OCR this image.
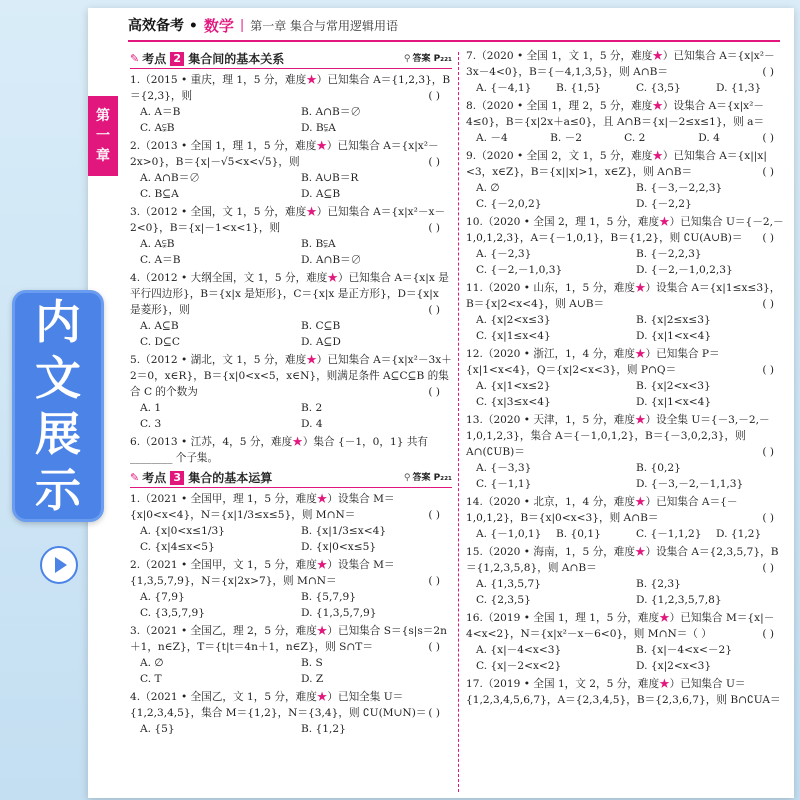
高效备考 • 数学 | 第一章 集合与常用逻辑用语
第
一
章
✎ 考点 2 集合间的基本关系	⚲ 答案 P₂₂₁
1.（2015 • 重庆，理 1，5 分，难度★）已知集合 A＝{1,2,3}，B＝{2,3}，则	( )
A. A＝B	B. A∩B＝∅
C. A⫋B	D. B⫋A
2.（2013 • 全国 1，理 1，5 分，难度★）已知集合 A＝{x|x²－2x>0}，B＝{x|－√5<x<√5}，则	( )
A. A∩B＝∅	B. A∪B＝R
C. B⊆A	D. A⊆B
3.（2012 • 全国，文 1，5 分，难度★）已知集合 A＝{x|x²－x－2<0}，B＝{x|－1<x<1}，则	( )
A. A⫋B	B. B⫋A
C. A＝B	D. A∩B＝∅
4.（2012 • 大纲全国，文 1，5 分，难度★）已知集合 A＝{x|x 是平行四边形}，B＝{x|x 是矩形}，C＝{x|x 是正方形}，D＝{x|x 是菱形}，则	( )
A. A⊆B	B. C⊆B
C. D⊆C	D. A⊆D
5.（2012 • 湖北，文 1，5 分，难度★）已知集合 A＝{x|x²－3x＋2＝0，x∈R}，B＝{x|0<x<5，x∈N}，则满足条件 A⊆C⊆B 的集合 C 的个数为	( )
A. 1	B. 2
C. 3	D. 4
6.（2013 • 江苏，4，5 分，难度★）集合 {－1，0，1} 共有 ________ 个子集。
✎ 考点 3 集合的基本运算	⚲ 答案 P₂₂₁
1.（2021 • 全国甲，理 1，5 分，难度★）设集合 M＝{x|0<x<4}，N＝{x|1/3≤x≤5}，则 M∩N＝	( )
A. {x|0<x≤1/3}	B. {x|1/3≤x<4}
C. {x|4≤x<5}	D. {x|0<x≤5}
2.（2021 • 全国甲，文 1，5 分，难度★）设集合 M＝{1,3,5,7,9}，N＝{x|2x>7}，则 M∩N＝	( )
A. {7,9}	B. {5,7,9}
C. {3,5,7,9}	D. {1,3,5,7,9}
3.（2021 • 全国乙，理 2，5 分，难度★）已知集合 S＝{s|s＝2n＋1，n∈Z}，T＝{t|t＝4n＋1，n∈Z}，则 S∩T＝	( )
A. ∅	B. S
C. T	D. Z
4.（2021 • 全国乙，文 1，5 分，难度★）已知全集 U＝{1,2,3,4,5}，集合 M＝{1,2}，N＝{3,4}，则 ∁U(M∪N)＝ ( )
A. {5}	B. {1,2}
7.（2020 • 全国 1，文 1，5 分，难度★）已知集合 A＝{x|x²－3x－4<0}，B＝{－4,1,3,5}，则 A∩B＝	( )
A. {－4,1}	B. {1,5}	C. {3,5}	D. {1,3}
8.（2020 • 全国 1，理 2，5 分，难度★）设集合 A＝{x|x²－4≤0}，B＝{x|2x＋a≤0}，且 A∩B＝{x|－2≤x≤1}，则 a＝
( )
A. －4	B. －2	C. 2	D. 4
9.（2020 • 全国 2，文 1，5 分，难度★）已知集合 A＝{x||x|<3，x∈Z}，B＝{x||x|>1，x∈Z}，则 A∩B＝	( )
A. ∅	B. {－3,－2,2,3}
C. {－2,0,2}	D. {－2,2}
10.（2020 • 全国 2，理 1，5 分，难度★）已知集合 U＝{－2,－1,0,1,2,3}，A＝{－1,0,1}，B＝{1,2}，则 ∁U(A∪B)＝ ( )
A. {－2,3}	B. {－2,2,3}
C. {－2,－1,0,3}	D. {－2,－1,0,2,3}
11.（2020 • 山东，1，5 分，难度★）设集合 A＝{x|1≤x≤3}，B＝{x|2<x<4}，则 A∪B＝	( )
A. {x|2<x≤3}	B. {x|2≤x≤3}
C. {x|1≤x<4}	D. {x|1<x<4}
12.（2020 • 浙江，1，4 分，难度★）已知集合 P＝{x|1<x<4}，Q＝{x|2<x<3}，则 P∩Q＝	( )
A. {x|1<x≤2}	B. {x|2<x<3}
C. {x|3≤x<4}	D. {x|1<x<4}
13.（2020 • 天津，1，5 分，难度★）设全集 U＝{－3,－2,－1,0,1,2,3}，集合 A＝{－1,0,1,2}，B＝{－3,0,2,3}，则 A∩(∁UB)＝	( )
A. {－3,3}	B. {0,2}
C. {－1,1}	D. {－3,－2,－1,1,3}
14.（2020 • 北京，1，4 分，难度★）已知集合 A＝{－1,0,1,2}，B＝{x|0<x<3}，则 A∩B＝	( )
A. {－1,0,1}	B. {0,1}	C. {－1,1,2}	D. {1,2}
15.（2020 • 海南，1，5 分，难度★）设集合 A＝{2,3,5,7}，B＝{1,2,3,5,8}，则 A∩B＝	( )
A. {1,3,5,7}	B. {2,3}
C. {2,3,5}	D. {1,2,3,5,7,8}
16.（2019 • 全国 1，理 1，5 分，难度★）已知集合 M＝{x|－4<x<2}，N＝{x|x²－x－6<0}，则 M∩N＝（ ）	( )
A. {x|－4<x<3}	B. {x|－4<x<－2}
C. {x|－2<x<2}	D. {x|2<x<3}
17.（2019 • 全国 1，文 2，5 分，难度★）已知集合 U＝{1,2,3,4,5,6,7}，A＝{2,3,4,5}，B＝{2,3,6,7}，则 B∩∁UA＝
内
文
展
示
